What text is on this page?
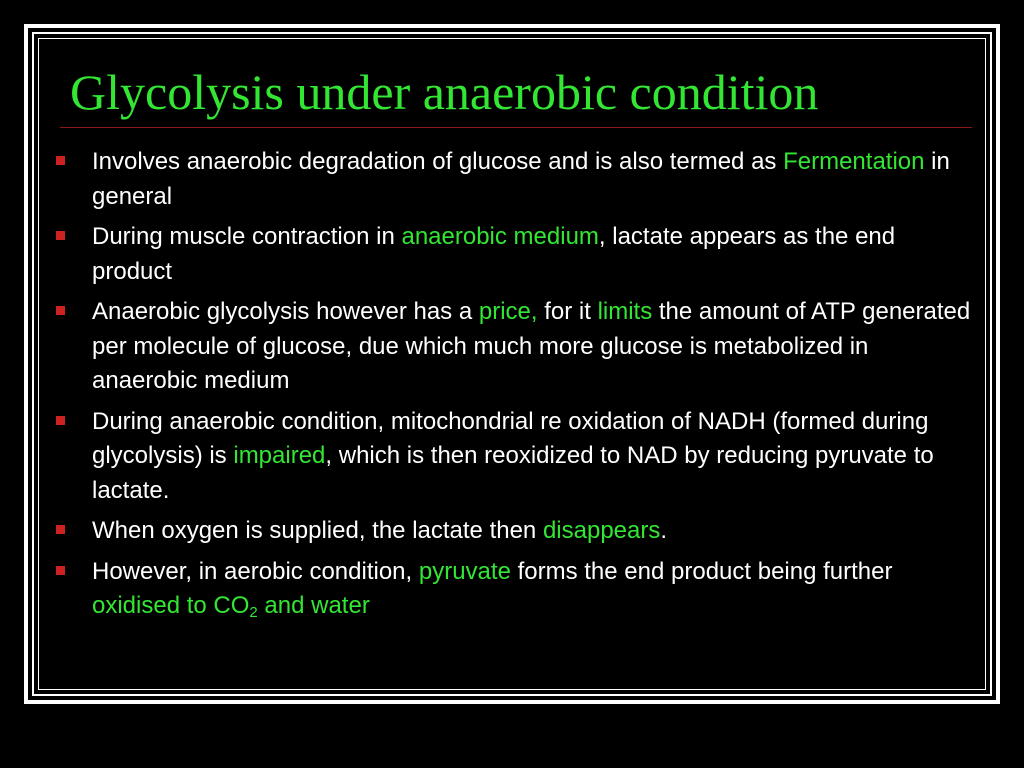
Glycolysis under anaerobic condition
Involves anaerobic degradation of glucose and is also termed as Fermentation in general
During muscle contraction in anaerobic medium, lactate appears as the end product
Anaerobic glycolysis however has a price, for it limits the amount of ATP generated per molecule of glucose, due which much more glucose is metabolized in anaerobic medium
During anaerobic condition, mitochondrial re oxidation of NADH (formed during glycolysis) is impaired, which is then reoxidized to NAD by reducing pyruvate to lactate.
When oxygen is supplied, the lactate then disappears.
However, in aerobic condition, pyruvate forms the end product being further oxidised to $CO_2$ and water
